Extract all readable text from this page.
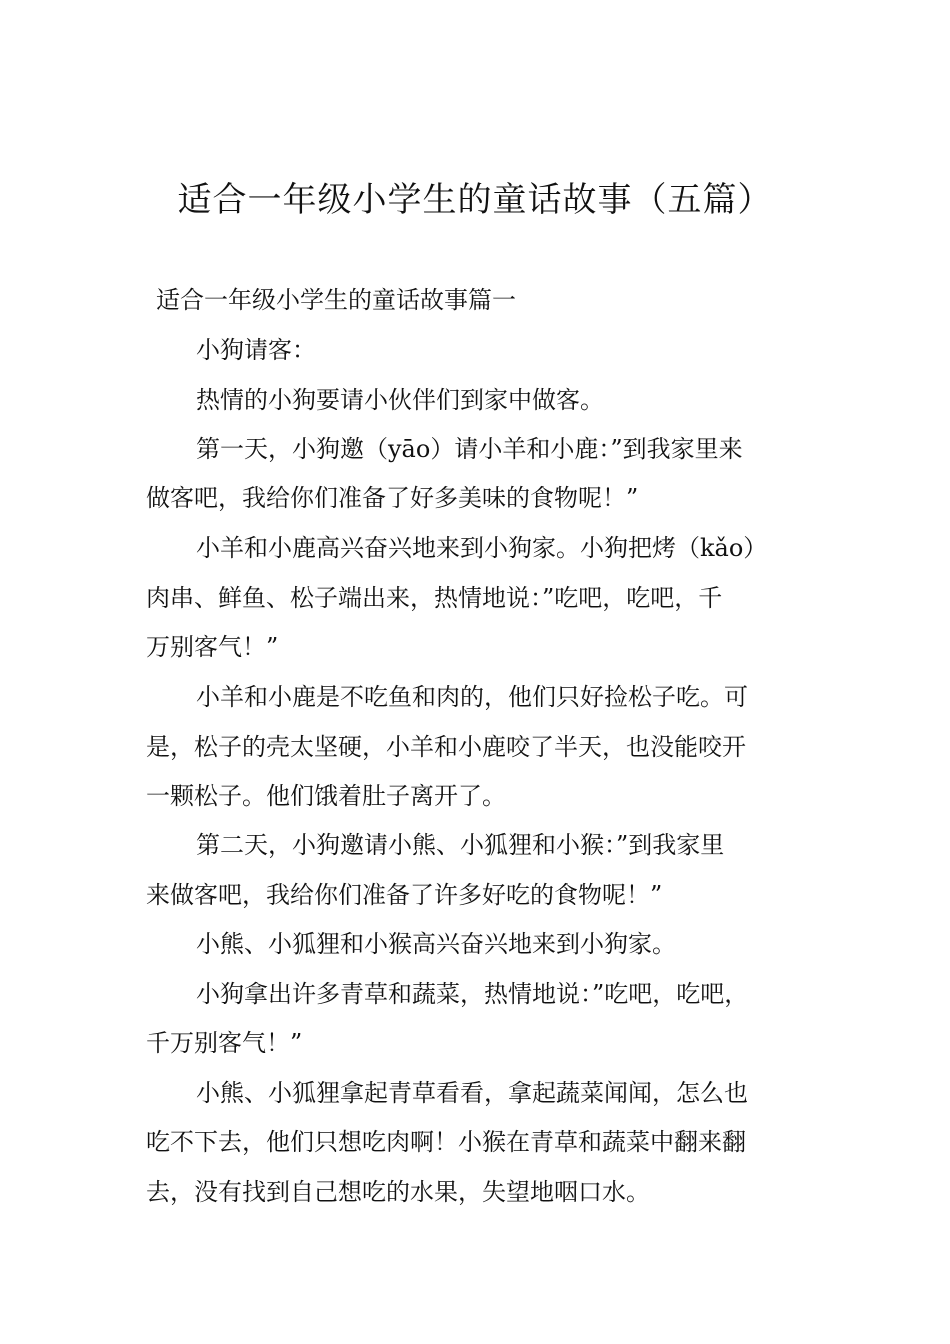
适合一年级小学生的童话故事（五篇）
适合一年级小学生的童话故事篇一

小狗请客：

热情的小狗要请小伙伴们到家中做客。

第一天，小狗邀（yāo）请小羊和小鹿：”到我家里来

做客吧，我给你们准备了好多美味的食物呢！”

小羊和小鹿高兴奋兴地来到小狗家。小狗把烤（kǎo）

肉串、鲜鱼、松子端出来，热情地说：”吃吧，吃吧，千

万别客气！”

小羊和小鹿是不吃鱼和肉的，他们只好捡松子吃。可

是，松子的壳太坚硬，小羊和小鹿咬了半天，也没能咬开

一颗松子。他们饿着肚子离开了。

第二天，小狗邀请小熊、小狐狸和小猴：”到我家里

来做客吧，我给你们准备了许多好吃的食物呢！”

小熊、小狐狸和小猴高兴奋兴地来到小狗家。

小狗拿出许多青草和蔬菜，热情地说：”吃吧，吃吧，

千万别客气！”

小熊、小狐狸拿起青草看看，拿起蔬菜闻闻，怎么也

吃不下去，他们只想吃肉啊！小猴在青草和蔬菜中翻来翻

去，没有找到自己想吃的水果，失望地咽口水。
